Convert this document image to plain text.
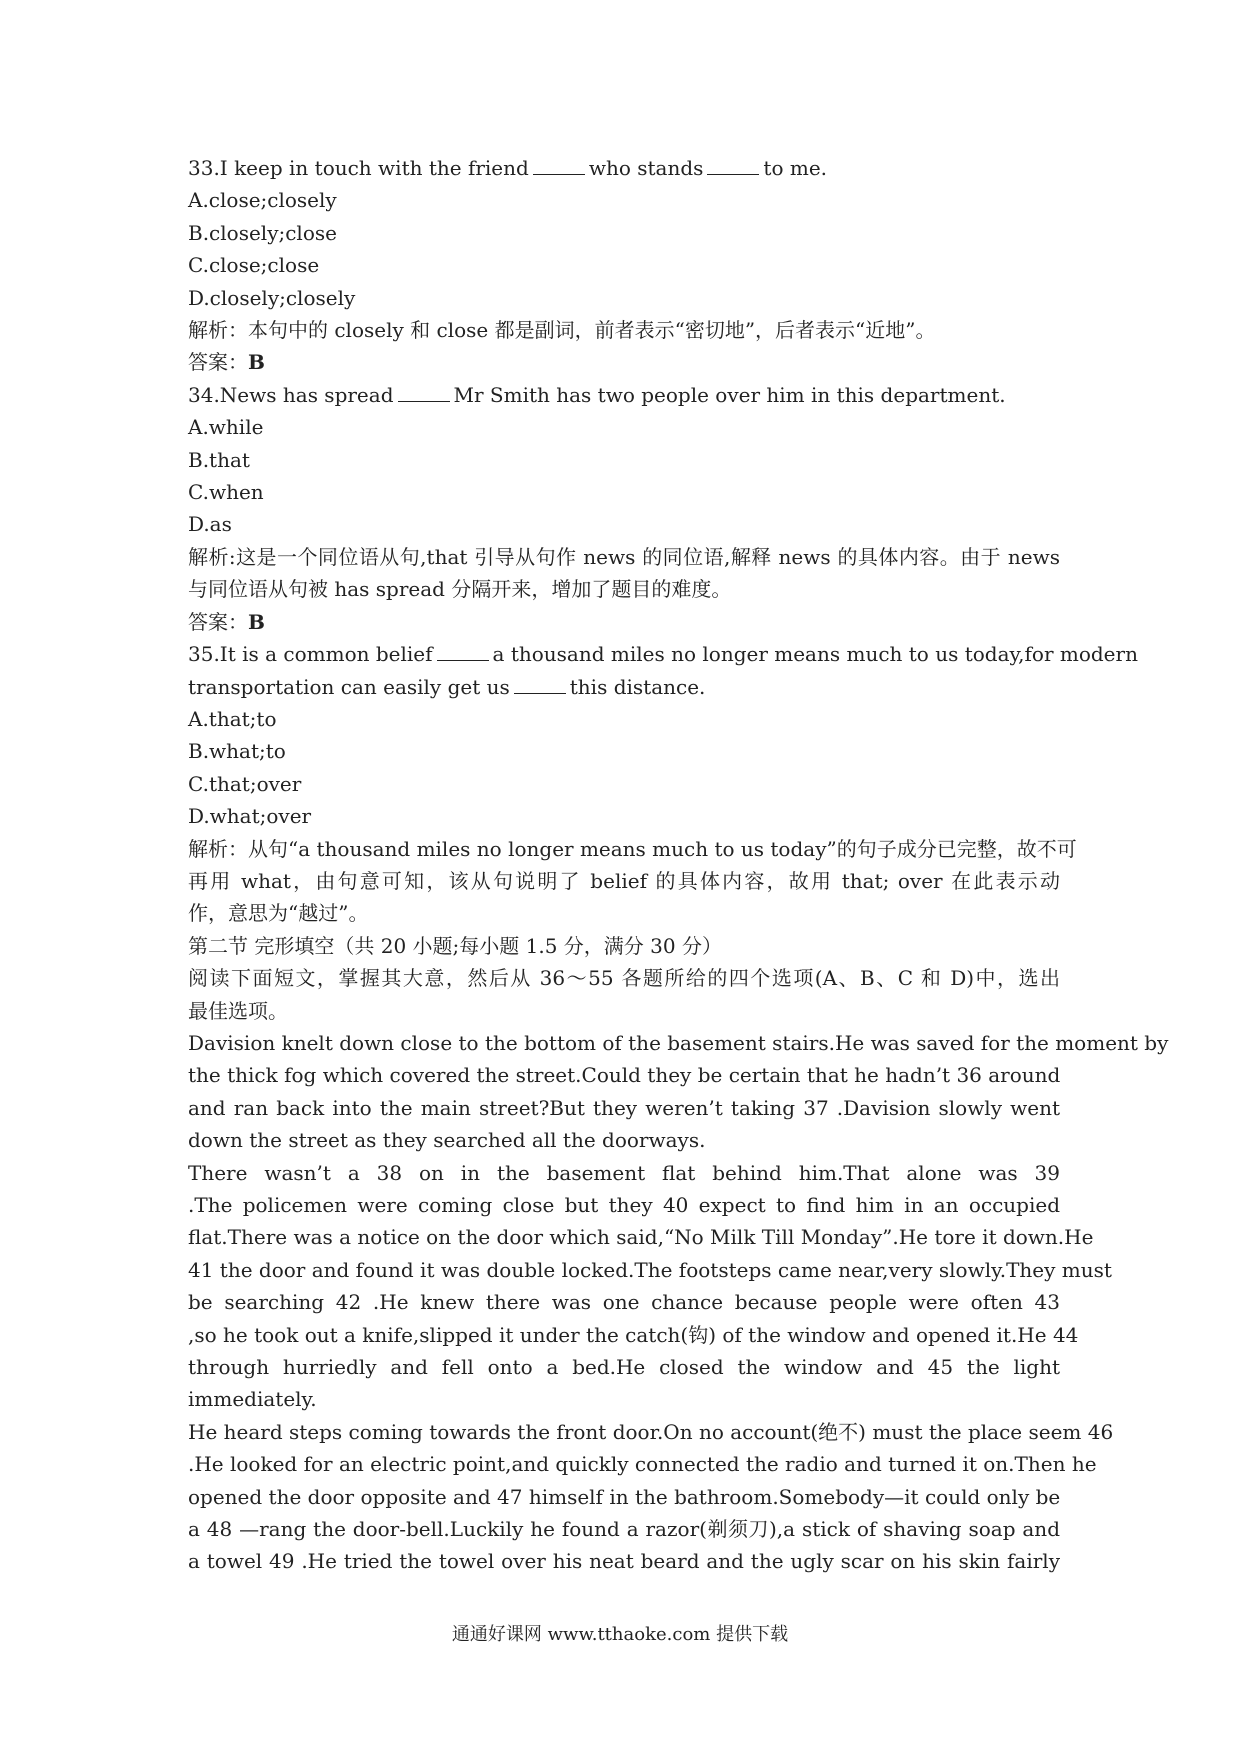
33.I keep in touch with the friend	who stands	to me.
A.close;closely
B.closely;close
C.close;close
D.closely;closely
解析：本句中的 closely 和 close 都是副词，前者表示“密切地”，后者表示“近地”。
答案：B
34.News has spread	Mr Smith has two people over him in this department.
A.while
B.that
C.when
D.as
解析:这是一个同位语从句,that 引导从句作 news 的同位语,解释 news 的具体内容。由于 news
与同位语从句被 has spread 分隔开来，增加了题目的难度。
答案：B
35.It is a common belief	a thousand miles no longer means much to us today,for modern
transportation can easily get us	this distance.
A.that;to
B.what;to
C.that;over
D.what;over
解析：从句“a thousand miles no longer means much to us today”的句子成分已完整，故不可
再用 what，由句意可知，该从句说明了 belief 的具体内容，故用 that; over 在此表示动
作，意思为“越过”。
第二节 完形填空（共 20 小题;每小题 1.5 分，满分 30 分）
阅读下面短文，掌握其大意，然后从 36～55 各题所给的四个选项(A、B、C 和 D)中，选出
最佳选项。
Davision knelt down close to the bottom of the basement stairs.He was saved for the moment by
the thick fog which covered the street.Could they be certain that he hadn’t 36 around
and ran back into the main street?But they weren’t taking 37 .Davision slowly went
down the street as they searched all the doorways.
There wasn’t a 38 on in the basement flat behind him.That alone was 39
.The policemen were coming close but they 40 expect to find him in an occupied
flat.There was a notice on the door which said,“No Milk Till Monday”.He tore it down.He
41 the door and found it was double locked.The footsteps came near,very slowly.They must
be searching 42 .He knew there was one chance because people were often 43
,so he took out a knife,slipped it under the catch(钩) of the window and opened it.He 44
through hurriedly and fell onto a bed.He closed the window and 45 the light
immediately.
He heard steps coming towards the front door.On no account(绝不) must the place seem 46
.He looked for an electric point,and quickly connected the radio and turned it on.Then he
opened the door opposite and 47 himself in the bathroom.Somebody—it could only be
a 48 —rang the door-bell.Luckily he found a razor(剃须刀),a stick of shaving soap and
a towel 49 .He tried the towel over his neat beard and the ugly scar on his skin fairly
通通好课网 www.tthaoke.com 提供下载
